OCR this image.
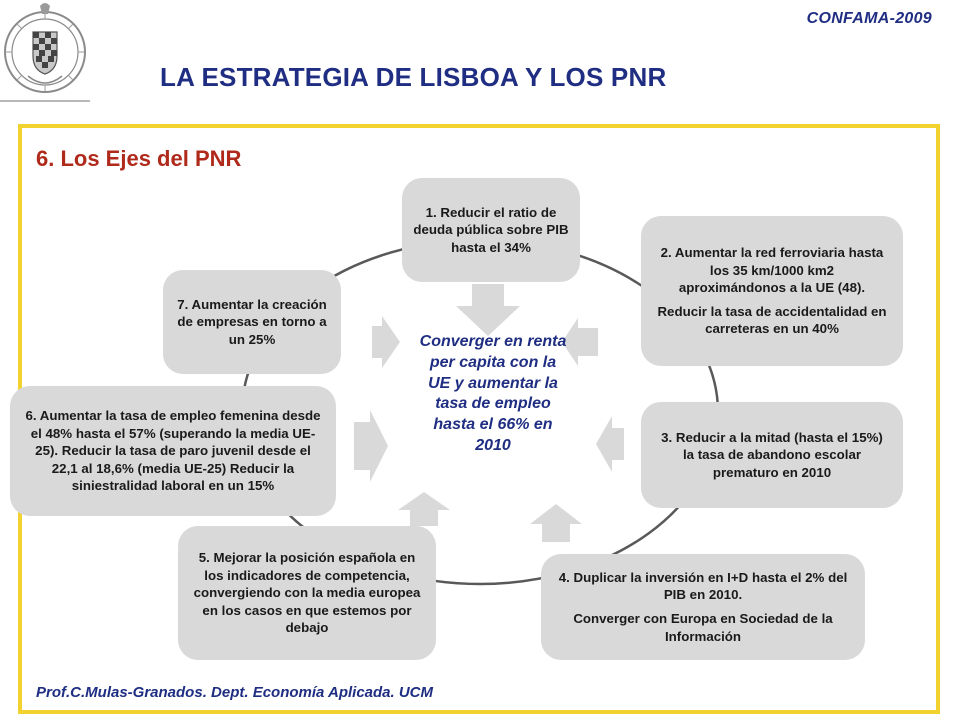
CONFAMA-2009
LA ESTRATEGIA DE LISBOA Y LOS PNR
6. Los Ejes del PNR
Converger en renta per capita con la UE y aumentar la tasa de empleo hasta el 66% en 2010

1. Reducir el ratio de deuda pública sobre PIB hasta el 34%	2. Aumentar la red ferroviaria hasta los 35 km/1000 km2 aproximándonos a la UE (48).

Reducir la tasa de accidentalidad en carreteras en un 40%

3. Reducir a la mitad (hasta el 15%) la tasa de abandono escolar prematuro en 2010

4. Duplicar la inversión en I+D hasta el 2% del PIB en 2010.

Converger con Europa en Sociedad de la Información

5. Mejorar la posición española en los indicadores de competencia, convergiendo con la media europea en los casos en que estemos por debajo

6. Aumentar la tasa de empleo femenina desde el 48% hasta el 57% (superando la media UE-25). Reducir la tasa de paro juvenil desde el 22,1 al 18,6% (media UE-25) Reducir la siniestralidad laboral en un 15%

7. Aumentar la creación de empresas en torno a un 25%

Prof.C.Mulas-Granados. Dept. Economía Aplicada. UCM
